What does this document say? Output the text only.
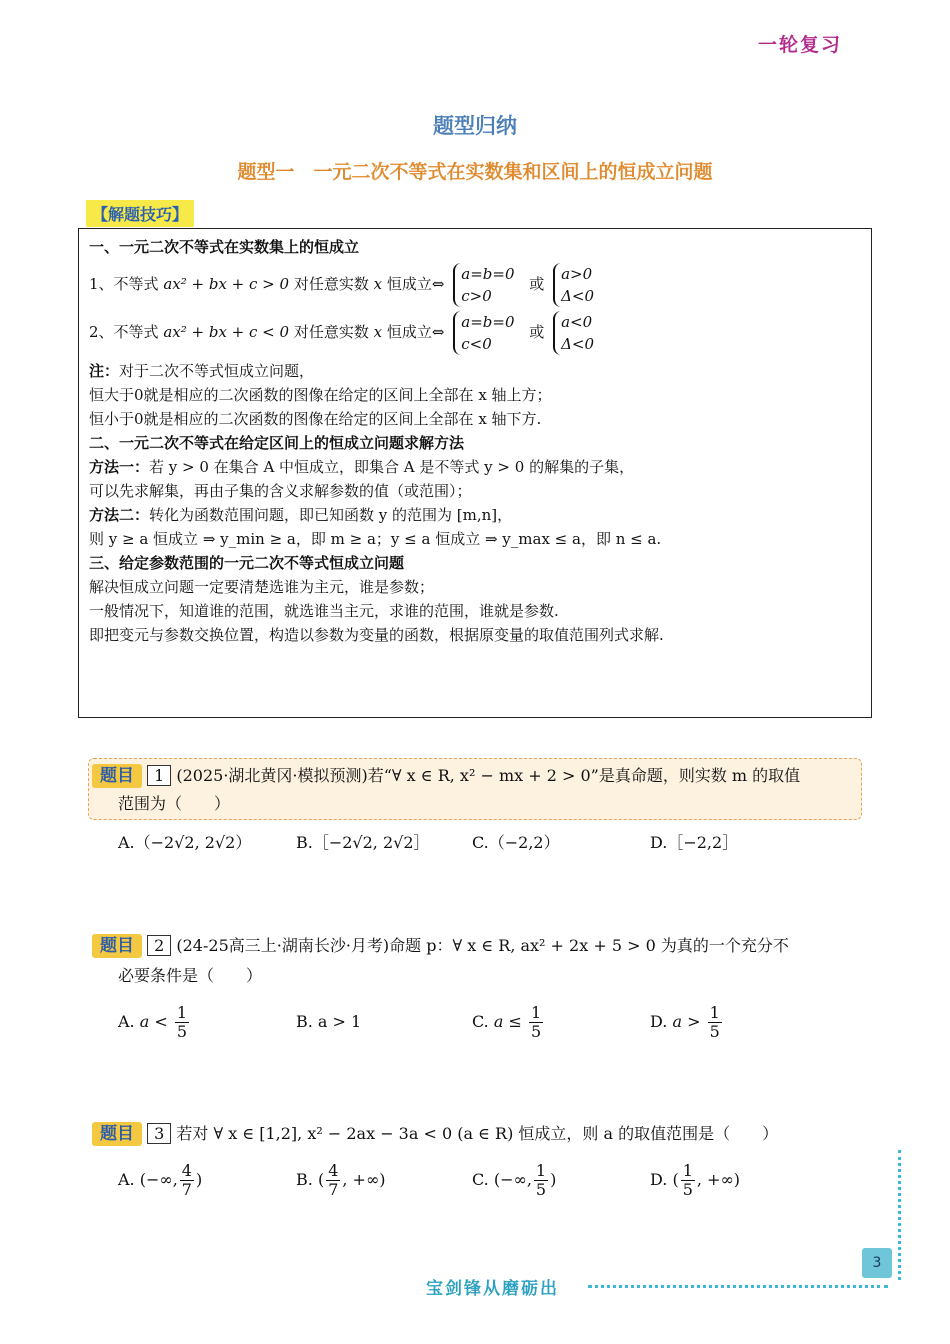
一轮复习
题型归纳
题型一　一元二次不等式在实数集和区间上的恒成立问题
【解题技巧】
一、一元二次不等式在实数集上的恒成立
1、不等式 ax² + bx + c > 0 对任意实数 x 恒成立⇔
a=b=0
c>0
或
a>0
Δ<0
2、不等式 ax² + bx + c < 0 对任意实数 x 恒成立⇔
a=b=0
c<0
或
a<0
Δ<0
注：对于二次不等式恒成立问题，
恒大于0就是相应的二次函数的图像在给定的区间上全部在 x 轴上方；
恒小于0就是相应的二次函数的图像在给定的区间上全部在 x 轴下方.
二、一元二次不等式在给定区间上的恒成立问题求解方法
方法一：若 y > 0 在集合 A 中恒成立，即集合 A 是不等式 y > 0 的解集的子集，
可以先求解集，再由子集的含义求解参数的值（或范围）；
方法二：转化为函数范围问题，即已知函数 y 的范围为 [m,n]，
则 y ≥ a 恒成立 ⇒ y_min ≥ a，即 m ≥ a；y ≤ a 恒成立 ⇒ y_max ≤ a，即 n ≤ a.
三、给定参数范围的一元二次不等式恒成立问题
解决恒成立问题一定要清楚选谁为主元，谁是参数；
一般情况下，知道谁的范围，就选谁当主元，求谁的范围，谁就是参数.
即把变元与参数交换位置，构造以参数为变量的函数，根据原变量的取值范围列式求解.
题目 1 (2025·湖北黄冈·模拟预测)若“∀ x ∈ R, x² − mx + 2 > 0”是真命题，则实数 m 的取值
范围为（　　）
A.（−2√2, 2√2）	B.［−2√2, 2√2］	C.（−2,2）	D.［−2,2］
题目 2 (24-25高三上·湖南长沙·月考)命题 p：∀ x ∈ R, ax² + 2x + 5 > 0 为真的一个充分不
必要条件是（　　）
A. $a < \frac{1}{5}$	B. a > 1	C. $a \le \frac{1}{5}$	D. $a > \frac{1}{5}$
题目 3 若对 ∀ x ∈ [1,2], x² − 2ax − 3a < 0 (a ∈ R) 恒成立，则 a 的取值范围是（　　）
A. (−∞, $\frac{4}{7}$ )	B. ( $\frac{4}{7}$ , +∞)	C. (−∞, $\frac{1}{5}$ )	D. ( $\frac{1}{5}$ , +∞)
3
宝剑锋从磨砺出
